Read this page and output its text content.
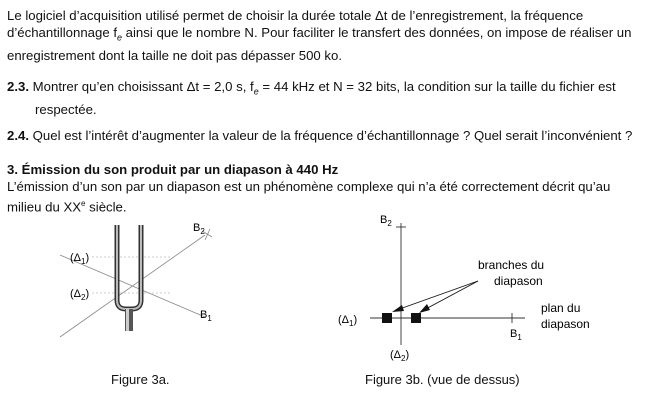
Le logiciel d’acquisition utilisé permet de choisir la durée totale Δt de l’enregistrement, la fréquence
d’échantillonnage $f_e$ ainsi que le nombre N. Pour faciliter le transfert des données, on impose de réaliser un
enregistrement dont la taille ne doit pas dépasser 500 ko.
2.3. Montrer qu’en choisissant Δt = 2,0 s, $f_e = 44$ kHz et N = 32 bits, la condition sur la taille du fichier est
respectée.
2.4. Quel est l’intérêt d’augmenter la valeur de la fréquence d’échantillonnage ? Quel serait l’inconvénient ?
3. Émission du son produit par un diapason à 440 Hz
L’émission d’un son par un diapason est un phénomène complexe qui n’a été correctement décrit qu’au
milieu du XXe siècle.
$(\Delta_1)$
$(\Delta_2)$
$B_2$
$B_1$
$B_2$
$B_1$
$(\Delta_1)$
$(\Delta_2)$
branches du
diapason
plan du
diapason
Figure 3a.	Figure 3b. (vue de dessus)
